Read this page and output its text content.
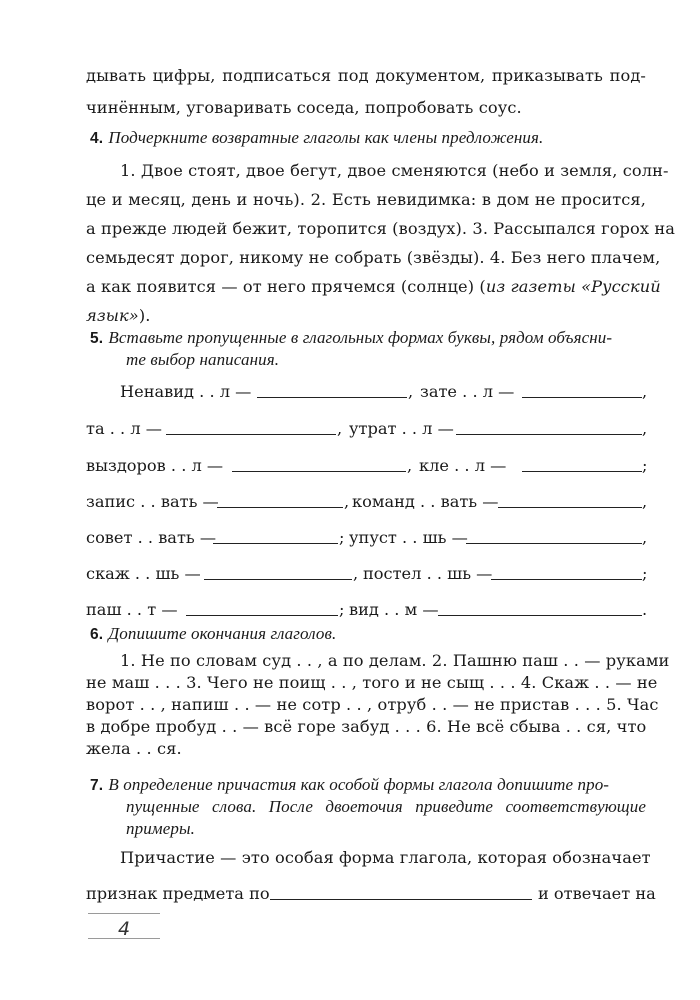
дывать цифры, подписаться под документом, приказывать под-
чинённым, уговаривать соседа, попробовать соус.
4. Подчеркните возвратные глаголы как члены предложения.
1. Двое стоят, двое бегут, двое сменяются (небо и земля, солн-
це и месяц, день и ночь). 2. Есть невидимка: в дом не просится,
а прежде людей бежит, торопится (воздух). 3. Рассыпался горох на
семьдесят дорог, никому не собрать (звёзды). 4. Без него плачем,
а как появится — от него прячемся (солнце) (из газеты «Русский
язык»).
5. Вставьте пропущенные в глагольных формах буквы, рядом объясни-
те выбор написания.
Ненавид . . л —	, зате . . л —	,
та . . л —	, утрат . . л —	,
выздоров . . л —	, кле . . л —	;
запис . . вать —	, команд . . вать —	,
совет . . вать —	; упуст . . шь —	,
скаж . . шь —	, постел . . шь —	;
паш . . т —	; вид . . м —	.
6. Допишите окончания глаголов.
1. Не по словам суд . . , а по делам. 2. Пашню паш . . — руками
не маш . . . 3. Чего не поищ . . , того и не сыщ . . . 4. Скаж . . — не
ворот . . , напиш . . — не сотр . . , отруб . . — не пристав . . . 5. Час
в добре пробуд . . — всё горе забуд . . . 6. Не всё сбыва . . ся, что
жела . . ся.
7. В определение причастия как особой формы глагола допишите про-
пущенные слова. После двоеточия приведите соответствующие
примеры.
Причастие — это особая форма глагола, которая обозначает
признак предмета по	и отвечает на
4
